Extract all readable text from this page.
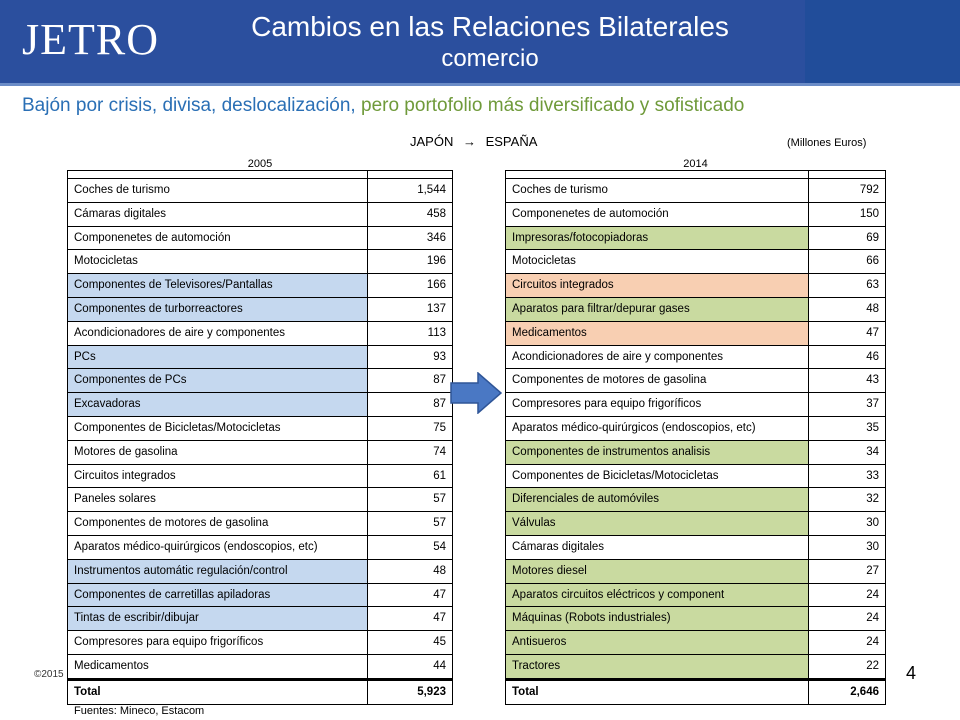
JETRO	Cambios en las Relaciones Bilaterales
comercio
Bajón por crisis, divisa, deslocalización, pero portofolio más diversificado y sofisticado
JAPÓN → ESPAÑA	(Millones Euros)
2005	2014
Coches de turismo	1,544
Cámaras digitales	458
Componenetes de automoción	346
Motocicletas	196
Componentes de Televisores/Pantallas	166
Componentes de turborreactores	137
Acondicionadores de aire y componentes	113
PCs	93
Componentes de PCs	87
Excavadoras	87
Componentes de Bicicletas/Motocicletas	75
Motores de gasolina	74
Circuitos integrados	61
Paneles solares	57
Componentes de motores de gasolina	57
Aparatos médico-quirúrgicos (endoscopios, etc)	54
Instrumentos automátic regulación/control	48
Componentes de carretillas apiladoras	47
Tintas de escribir/dibujar	47
Compresores para equipo frigoríficos	45
Medicamentos	44
Total	5,923
Coches de turismo	792
Componenetes de automoción	150
Impresoras/fotocopiadoras	69
Motocicletas	66
Circuitos integrados	63
Aparatos para filtrar/depurar gases	48
Medicamentos	47
Acondicionadores de aire y componentes	46
Componentes de motores de gasolina	43
Compresores para equipo frigoríficos	37
Aparatos médico-quirúrgicos (endoscopios, etc)	35
Componentes de instrumentos analisis	34
Componentes de Bicicletas/Motocicletas	33
Diferenciales de automóviles	32
Válvulas	30
Cámaras digitales	30
Motores diesel	27
Aparatos circuitos eléctricos y component	24
Máquinas (Robots industriales)	24
Antisueros	24
Tractores	22
Total	2,646
Fuentes: Mineco, Estacom
©2015	4
